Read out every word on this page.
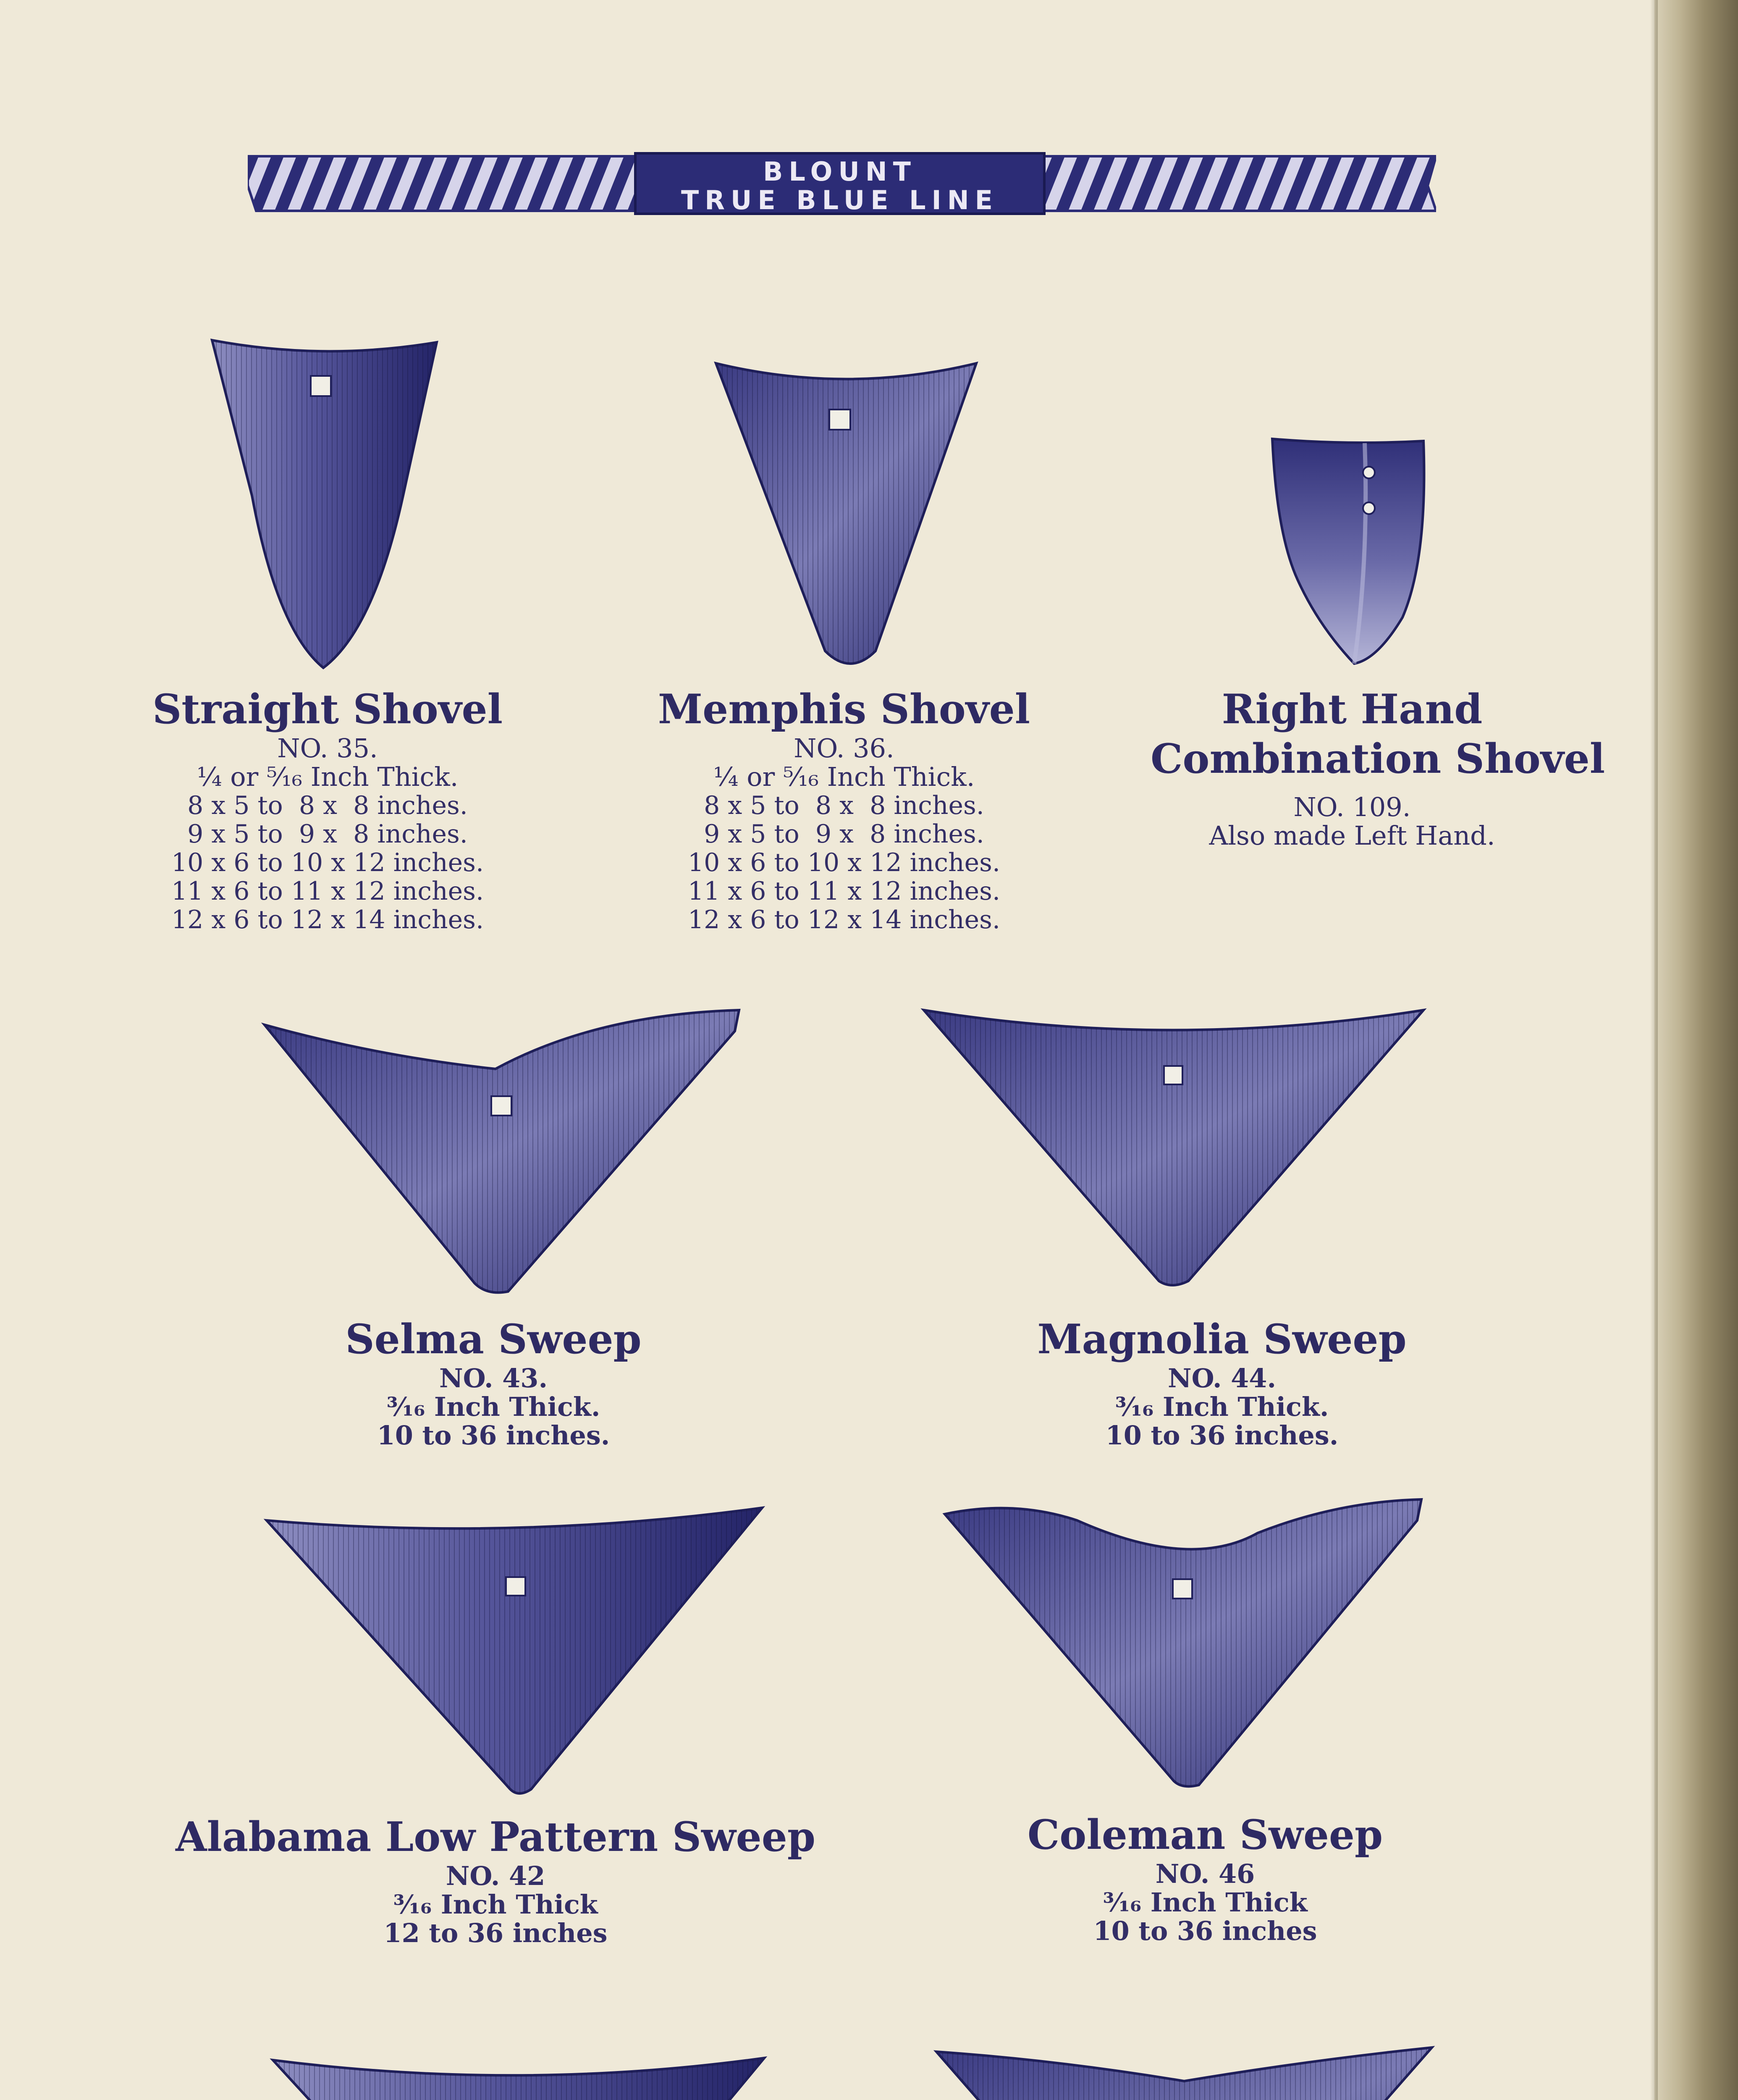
BLOUNT
TRUE BLUE LINE
Straight Shovel
NO. 35.
¼ or ⁵⁄₁₆ Inch Thick.
8 x 5 to  8 x  8 inches.
9 x 5 to  9 x  8 inches.
10 x 6 to 10 x 12 inches.
11 x 6 to 11 x 12 inches.
12 x 6 to 12 x 14 inches.
Memphis Shovel
NO. 36.
¼ or ⁵⁄₁₆ Inch Thick.
8 x 5 to  8 x  8 inches.
9 x 5 to  9 x  8 inches.
10 x 6 to 10 x 12 inches.
11 x 6 to 11 x 12 inches.
12 x 6 to 12 x 14 inches.
Right Hand
Combination Shovel
NO. 109.
Also made Left Hand.
Selma Sweep
NO. 43.
³⁄₁₆ Inch Thick.
10 to 36 inches.
Magnolia Sweep
NO. 44.
³⁄₁₆ Inch Thick.
10 to 36 inches.
Alabama Low Pattern Sweep
NO. 42
³⁄₁₆ Inch Thick
12 to 36 inches
Coleman Sweep
NO. 46
³⁄₁₆ Inch Thick
10 to 36 inches
